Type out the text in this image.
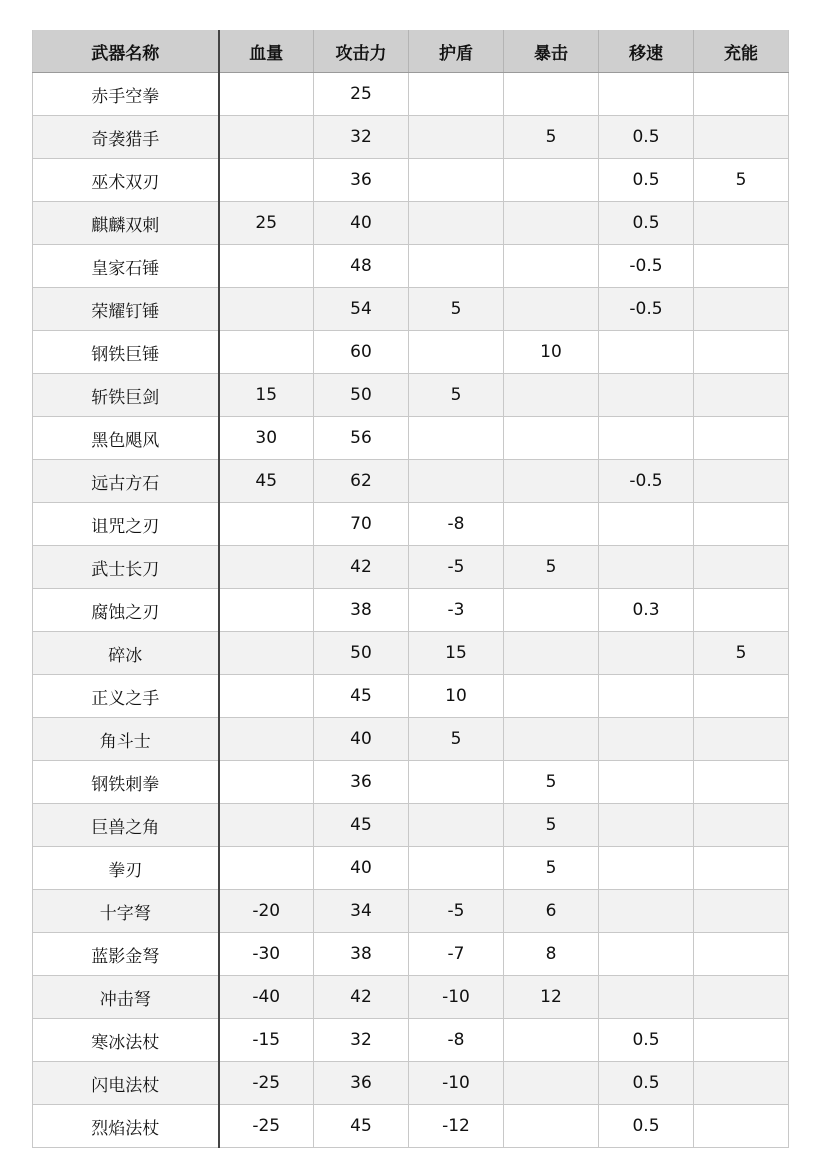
武器名称	血量	攻击力	护盾	暴击	移速	充能
赤手空拳		25				
奇袭猎手		32		5	0.5	
巫术双刃		36			0.5	5
麒麟双刺	25	40			0.5	
皇家石锤		48			-0.5	
荣耀钉锤		54	5		-0.5	
钢铁巨锤		60		10		
斩铁巨剑	15	50	5			
黑色飓风	30	56				
远古方石	45	62			-0.5	
诅咒之刃		70	-8			
武士长刀		42	-5	5		
腐蚀之刃		38	-3		0.3	
碎冰		50	15			5
正义之手		45	10			
角斗士		40	5			
钢铁刺拳		36		5		
巨兽之角		45		5		
拳刃		40		5		
十字弩	-20	34	-5	6		
蓝影金弩	-30	38	-7	8		
冲击弩	-40	42	-10	12		
寒冰法杖	-15	32	-8		0.5	
闪电法杖	-25	36	-10		0.5	
烈焰法杖	-25	45	-12		0.5	
